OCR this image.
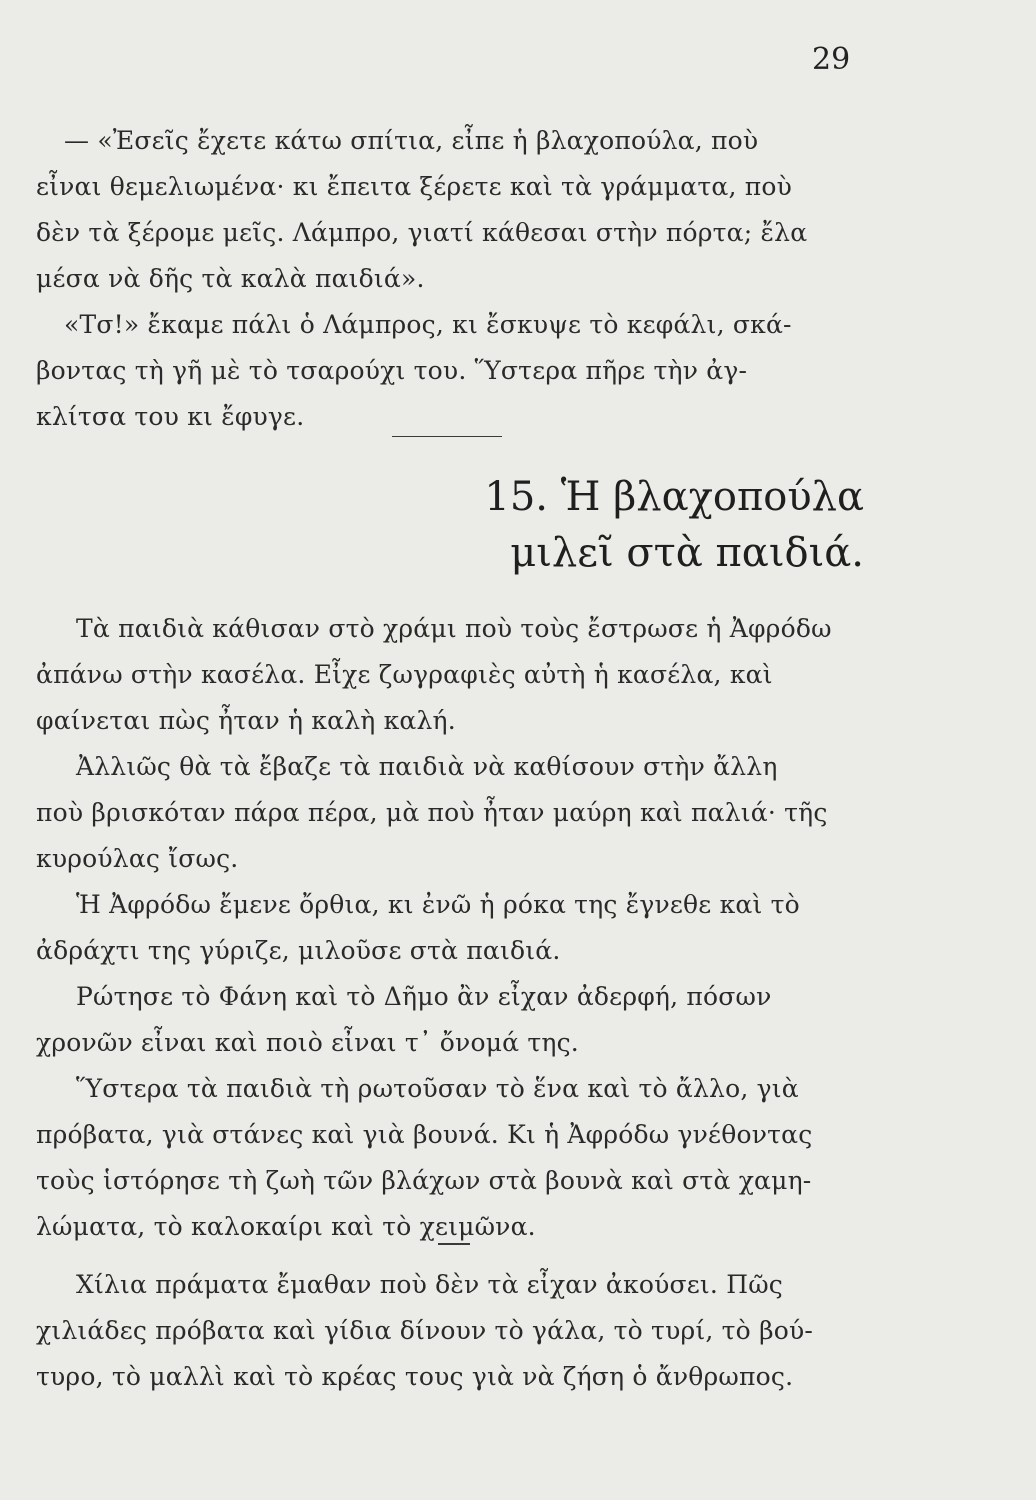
29
— «Ἐσεῖς ἔχετε κάτω σπίτια, εἶπε ἡ βλαχοπούλα, ποὺ
εἶναι θεμελιωμένα· κι ἔπειτα ξέρετε καὶ τὰ γράμματα, ποὺ
δὲν τὰ ξέρομε μεῖς. Λάμπρο, γιατί κάθεσαι στὴν πόρτα; ἔλα
μέσα νὰ δῆς τὰ καλὰ παιδιά».
«Τσ!» ἔκαμε πάλι ὁ Λάμπρος, κι ἔσκυψε τὸ κεφάλι, σκά-
βοντας τὴ γῆ μὲ τὸ τσαρούχι του. Ὕστερα πῆρε τὴν ἀγ-
κλίτσα του κι ἔφυγε.
15. Ἡ βλαχοπούλα
μιλεῖ στὰ παιδιά.
Τὰ παιδιὰ κάθισαν στὸ χράμι ποὺ τοὺς ἔστρωσε ἡ Ἀφρόδω
ἀπάνω στὴν κασέλα. Εἶχε ζωγραφιὲς αὐτὴ ἡ κασέλα, καὶ
φαίνεται πὼς ἦταν ἡ καλὴ καλή.
Ἀλλιῶς θὰ τὰ ἔβαζε τὰ παιδιὰ νὰ καθίσουν στὴν ἄλλη
ποὺ βρισκόταν πάρα πέρα, μὰ ποὺ ἦταν μαύρη καὶ παλιά· τῆς
κυρούλας ἴσως.
Ἡ Ἀφρόδω ἔμενε ὄρθια, κι ἐνῶ ἡ ρόκα της ἔγνεθε καὶ τὸ
ἀδράχτι της γύριζε, μιλοῦσε στὰ παιδιά.
Ρώτησε τὸ Φάνη καὶ τὸ Δῆμο ἂν εἶχαν ἀδερφή, πόσων
χρονῶν εἶναι καὶ ποιὸ εἶναι τ᾽ ὄνομά της.
Ὕστερα τὰ παιδιὰ τὴ ρωτοῦσαν τὸ ἕνα καὶ τὸ ἄλλο, γιὰ
πρόβατα, γιὰ στάνες καὶ γιὰ βουνά. Κι ἡ Ἀφρόδω γνέθοντας
τοὺς ἱστόρησε τὴ ζωὴ τῶν βλάχων στὰ βουνὰ καὶ στὰ χαμη-
λώματα, τὸ καλοκαίρι καὶ τὸ χειμῶνα.
Χίλια πράματα ἔμαθαν ποὺ δὲν τὰ εἶχαν ἀκούσει. Πῶς
χιλιάδες πρόβατα καὶ γίδια δίνουν τὸ γάλα, τὸ τυρί, τὸ βού-
τυρο, τὸ μαλλὶ καὶ τὸ κρέας τους γιὰ νὰ ζήση ὁ ἄνθρωπος.
